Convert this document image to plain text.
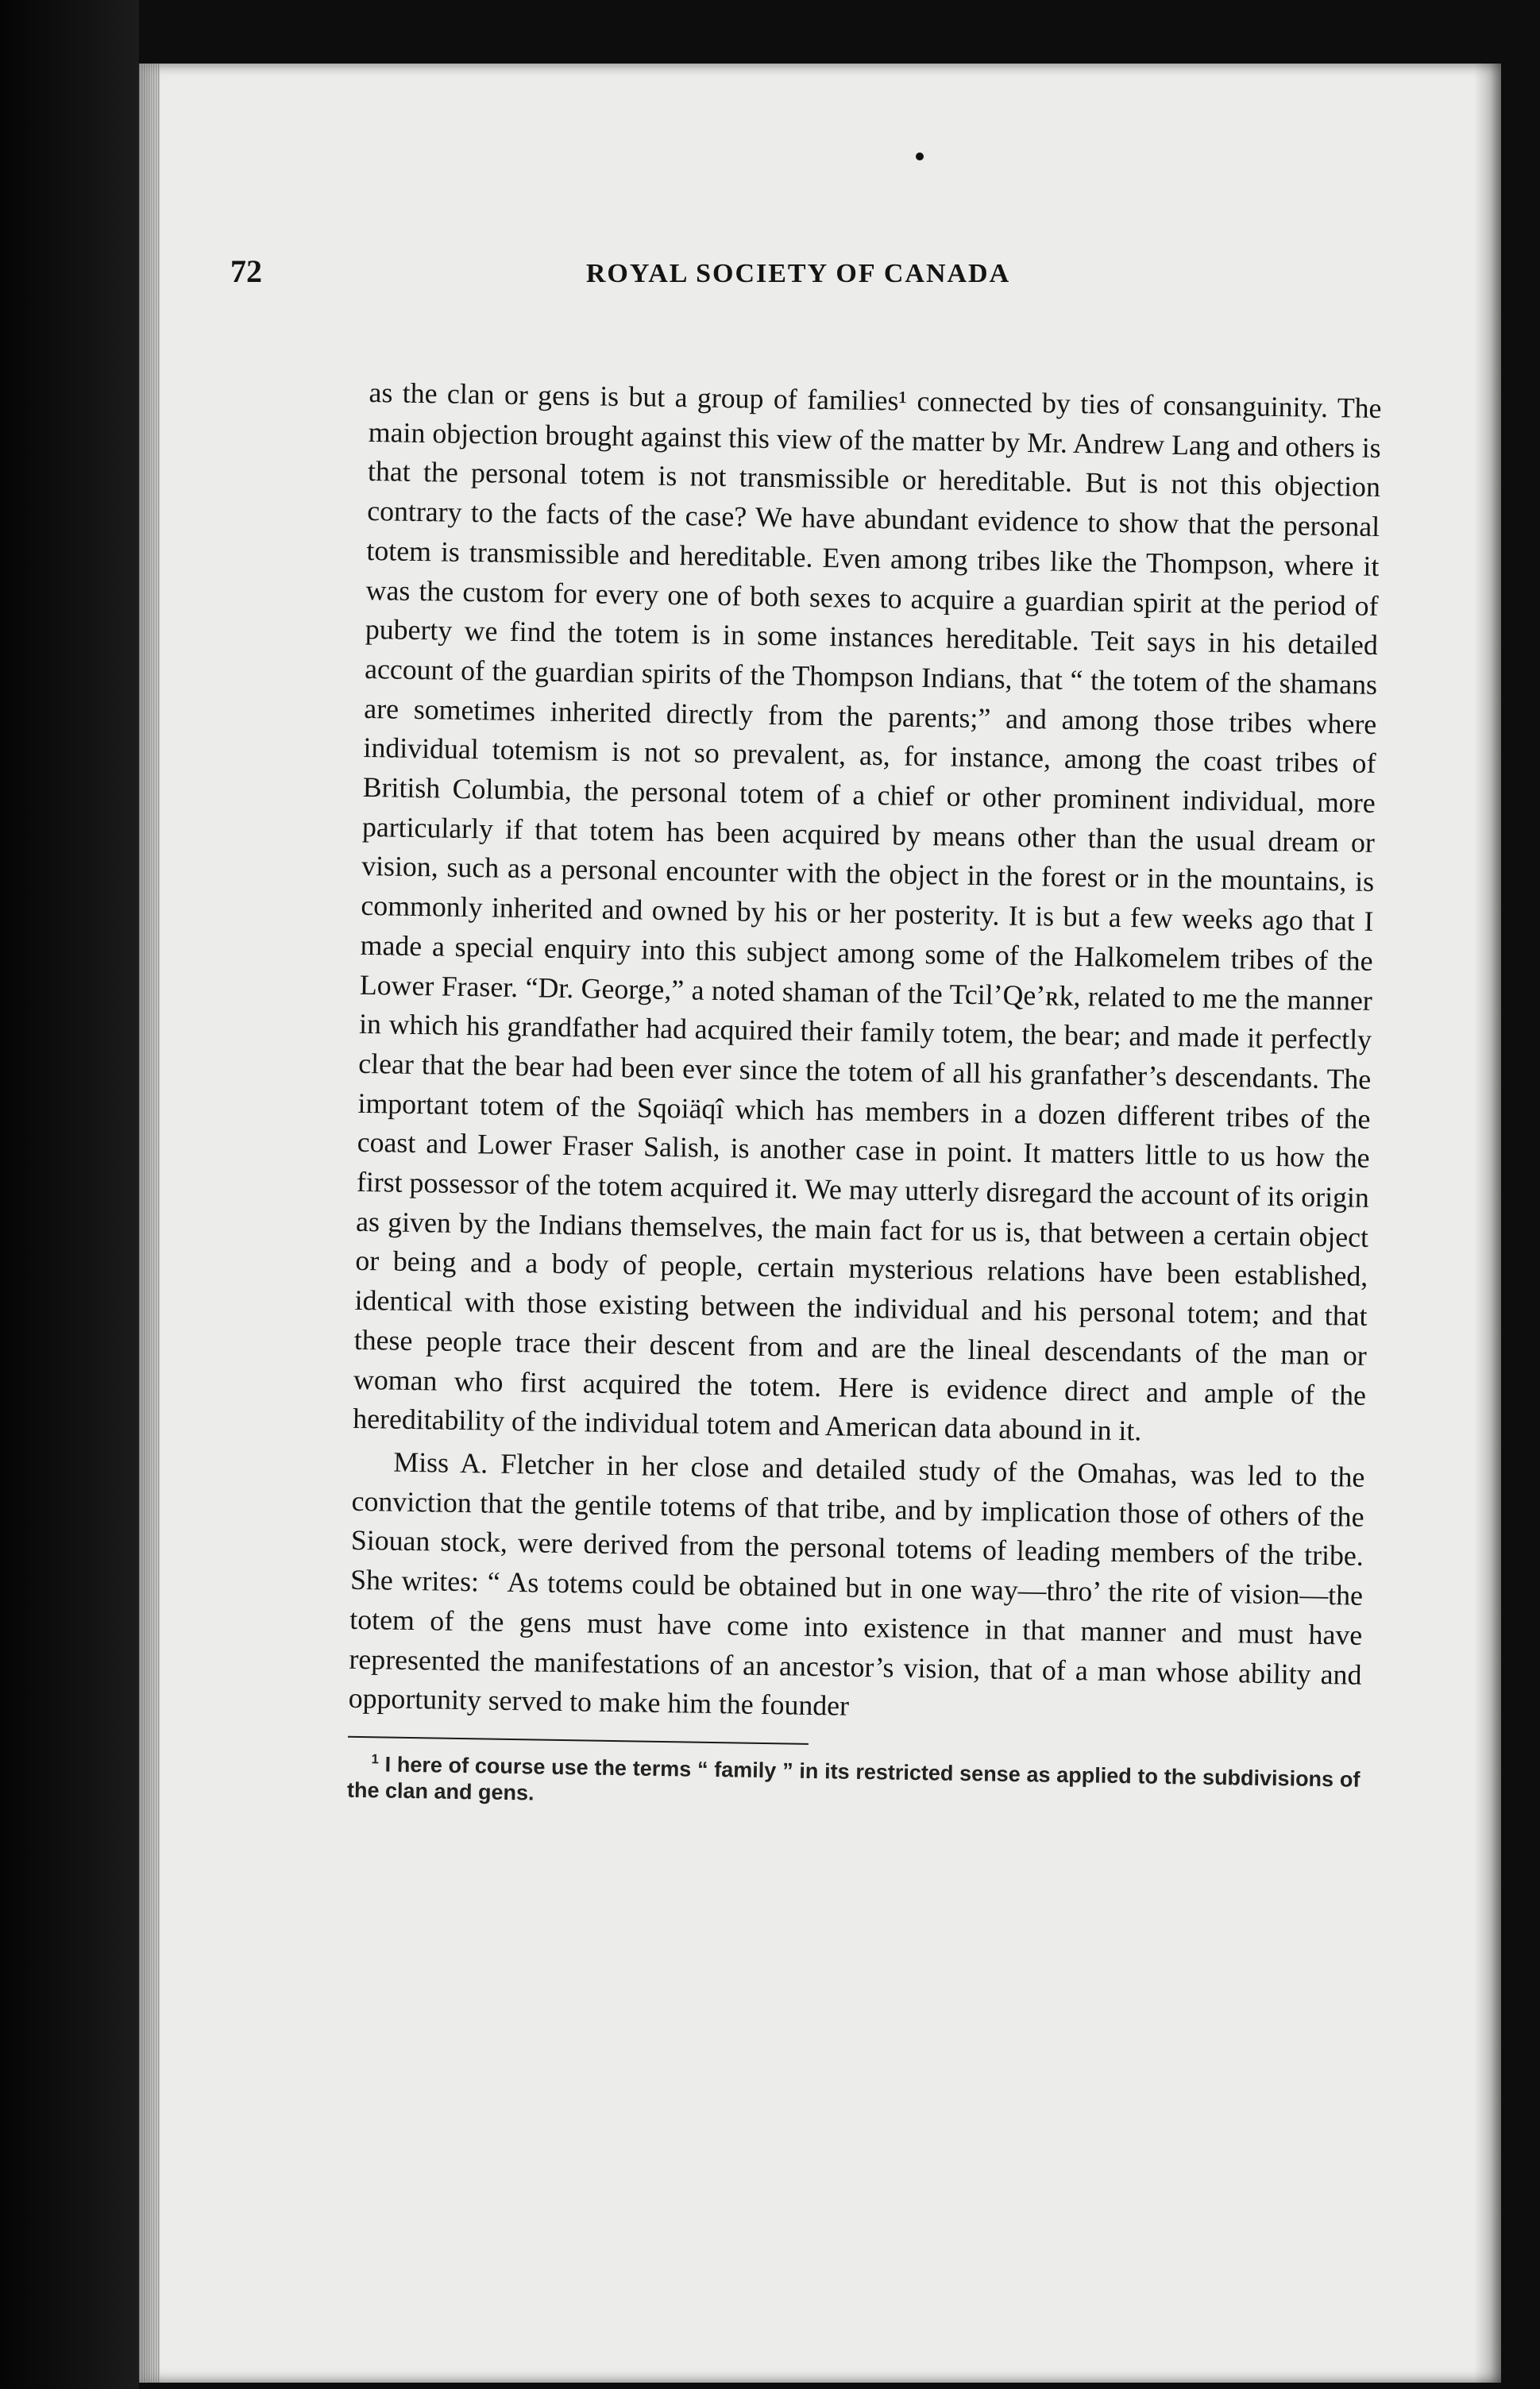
72	ROYAL SOCIETY OF CANADA

as the clan or gens is but a group of families¹ connected by ties of consanguinity. The main objection brought against this view of the matter by Mr. Andrew Lang and others is that the personal totem is not transmissible or hereditable. But is not this objection contrary to the facts of the case? We have abundant evidence to show that the personal totem is transmissible and hereditable. Even among tribes like the Thompson, where it was the custom for every one of both sexes to acquire a guardian spirit at the period of puberty we find the totem is in some instances hereditable. Teit says in his detailed account of the guardian spirits of the Thompson Indians, that “ the totem of the shamans are sometimes inherited directly from the parents;” and among those tribes where individual totemism is not so prevalent, as, for instance, among the coast tribes of British Columbia, the personal totem of a chief or other prominent individual, more particularly if that totem has been acquired by means other than the usual dream or vision, such as a personal encounter with the object in the forest or in the mountains, is commonly inherited and owned by his or her posterity. It is but a few weeks ago that I made a special enquiry into this subject among some of the Halkomelem tribes of the Lower Fraser. “Dr. George,” a noted shaman of the Tcil’Qe’ʀk, related to me the manner in which his grandfather had acquired their family totem, the bear; and made it perfectly clear that the bear had been ever since the totem of all his granfather’s descendants. The important totem of the Sqoiäqî which has members in a dozen different tribes of the coast and Lower Fraser Salish, is another case in point. It matters little to us how the first possessor of the totem acquired it. We may utterly disregard the account of its origin as given by the Indians themselves, the main fact for us is, that between a certain object or being and a body of people, certain mysterious relations have been established, identical with those existing between the individual and his personal totem; and that these people trace their descent from and are the lineal descendants of the man or woman who first acquired the totem. Here is evidence direct and ample of the hereditability of the individual totem and American data abound in it.

Miss A. Fletcher in her close and detailed study of the Omahas, was led to the conviction that the gentile totems of that tribe, and by implication those of others of the Siouan stock, were derived from the personal totems of leading members of the tribe. She writes: “ As totems could be obtained but in one way—thro’ the rite of vision—the totem of the gens must have come into existence in that manner and must have represented the manifestations of an ancestor’s vision, that of a man whose ability and opportunity served to make him the founder

$^1$ I here of course use the terms “ family ” in its restricted sense as applied to the subdivisions of the clan and gens.
